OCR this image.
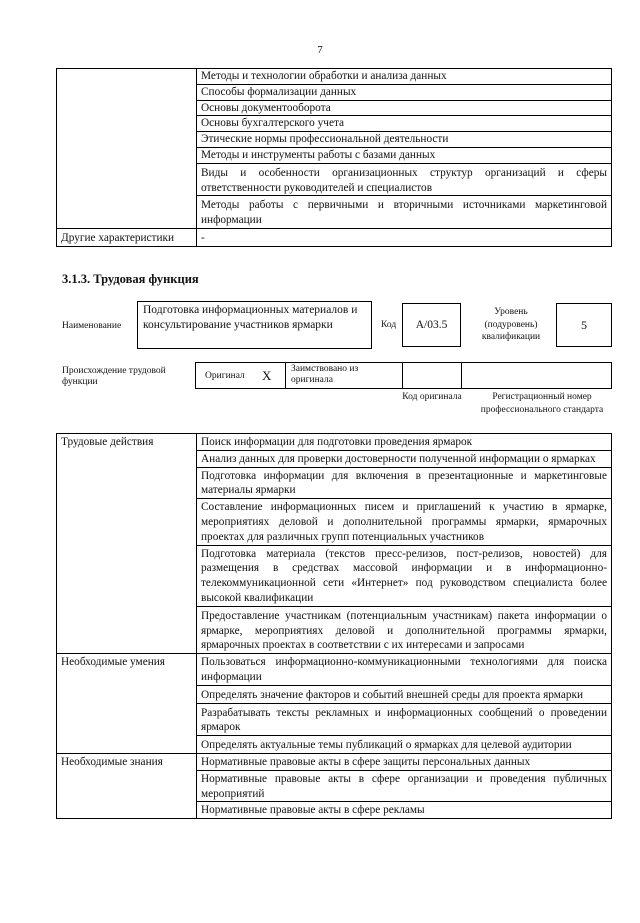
7
	Методы и технологии обработки и анализа данных
	Способы формализации данных
	Основы документооборота
	Основы бухгалтерского учета
	Этические нормы профессиональной деятельности
	Методы и инструменты работы с базами данных
	Виды и особенности организационных структур организаций и сферы ответственности руководителей и специалистов
	Методы работы с первичными и вторичными источниками маркетинговой информации
Другие характеристики	-
3.1.3. Трудовая функция
Наименование
Подготовка информационных материалов и консультирование участников ярмарки	Код	A/03.5
Уровень (подуровень) квалификации
5
Происхождение трудовой функции
Оригинал X Заимствовано из оригинала
Код оригинала	Регистрационный номер профессионального стандарта
Трудовые действия	Поиск информации для подготовки проведения ярмарок
	Анализ данных для проверки достоверности полученной информации о ярмарках
	Подготовка информации для включения в презентационные и маркетинговые материалы ярмарки
	Составление информационных писем и приглашений к участию в ярмарке, мероприятиях деловой и дополнительной программы ярмарки, ярмарочных проектах для различных групп потенциальных участников
	Подготовка материала (текстов пресс-релизов, пост-релизов, новостей) для размещения в средствах массовой информации и в информационно-телекоммуникационной сети «Интернет» под руководством специалиста более высокой квалификации
	Предоставление участникам (потенциальным участникам) пакета информации о ярмарке, мероприятиях деловой и дополнительной программы ярмарки, ярмарочных проектах в соответствии с их интересами и запросами
Необходимые умения	Пользоваться информационно-коммуникационными технологиями для поиска информации
	Определять значение факторов и событий внешней среды для проекта ярмарки
	Разрабатывать тексты рекламных и информационных сообщений о проведении ярмарок
	Определять актуальные темы публикаций о ярмарках для целевой аудитории
Необходимые знания	Нормативные правовые акты в сфере защиты персональных данных
	Нормативные правовые акты в сфере организации и проведения публичных мероприятий
	Нормативные правовые акты в сфере рекламы
